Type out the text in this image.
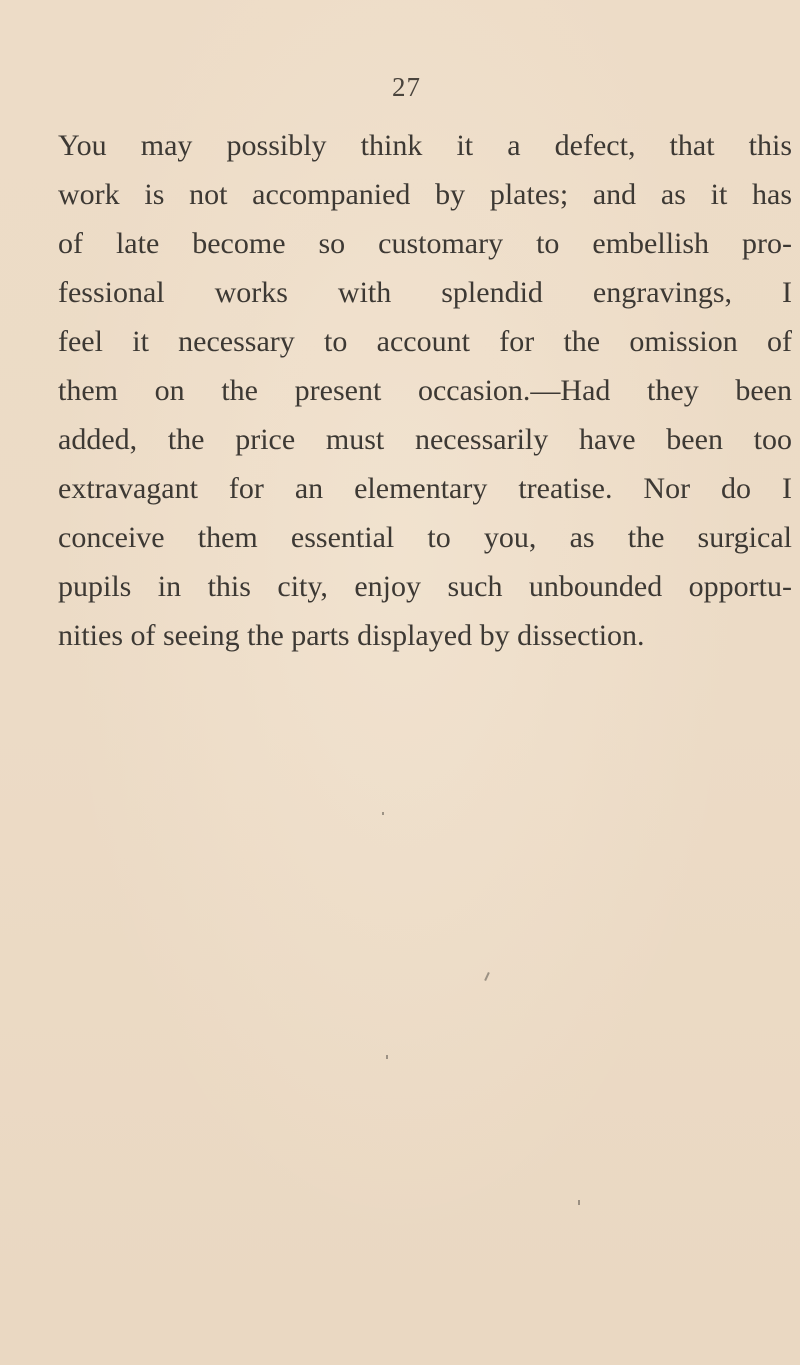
27
You may possibly think it a defect, that this
work is not accompanied by plates; and as it has
of late become so customary to embellish pro-
fessional works with splendid engravings, I
feel it necessary to account for the omission of
them on the present occasion.—Had they been
added, the price must necessarily have been too
extravagant for an elementary treatise. Nor do I
conceive them essential to you, as the surgical
pupils in this city, enjoy such unbounded opportu-
nities of seeing the parts displayed by dissection.
